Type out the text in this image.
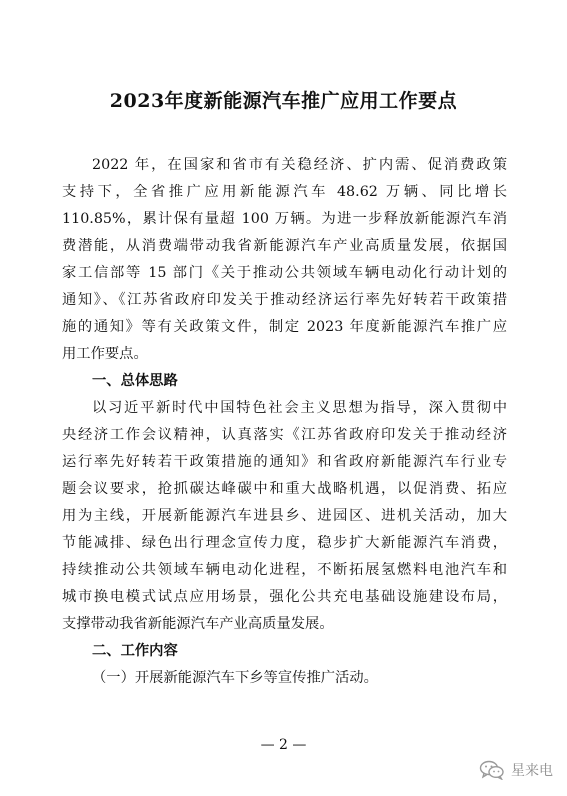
2023年度新能源汽车推广应用工作要点
2022 年，在国家和省市有关稳经济、扩内需、促消费政策
支持下，全省推广应用新能源汽车 48.62 万辆、同比增长
110.85%，累计保有量超 100 万辆。为进一步释放新能源汽车消
费潜能，从消费端带动我省新能源汽车产业高质量发展，依据国
家工信部等 15 部门《关于推动公共领域车辆电动化行动计划的
通知》、《江苏省政府印发关于推动经济运行率先好转若干政策措
施的通知》等有关政策文件，制定 2023 年度新能源汽车推广应
用工作要点。
一、总体思路
以习近平新时代中国特色社会主义思想为指导，深入贯彻中
央经济工作会议精神，认真落实《江苏省政府印发关于推动经济
运行率先好转若干政策措施的通知》和省政府新能源汽车行业专
题会议要求，抢抓碳达峰碳中和重大战略机遇，以促消费、拓应
用为主线，开展新能源汽车进县乡、进园区、进机关活动，加大
节能减排、绿色出行理念宣传力度，稳步扩大新能源汽车消费，
持续推动公共领域车辆电动化进程，不断拓展氢燃料电池汽车和
城市换电模式试点应用场景，强化公共充电基础设施建设布局，
支撑带动我省新能源汽车产业高质量发展。
二、工作内容
（一）开展新能源汽车下乡等宣传推广活动。
— 2 —
星来电
